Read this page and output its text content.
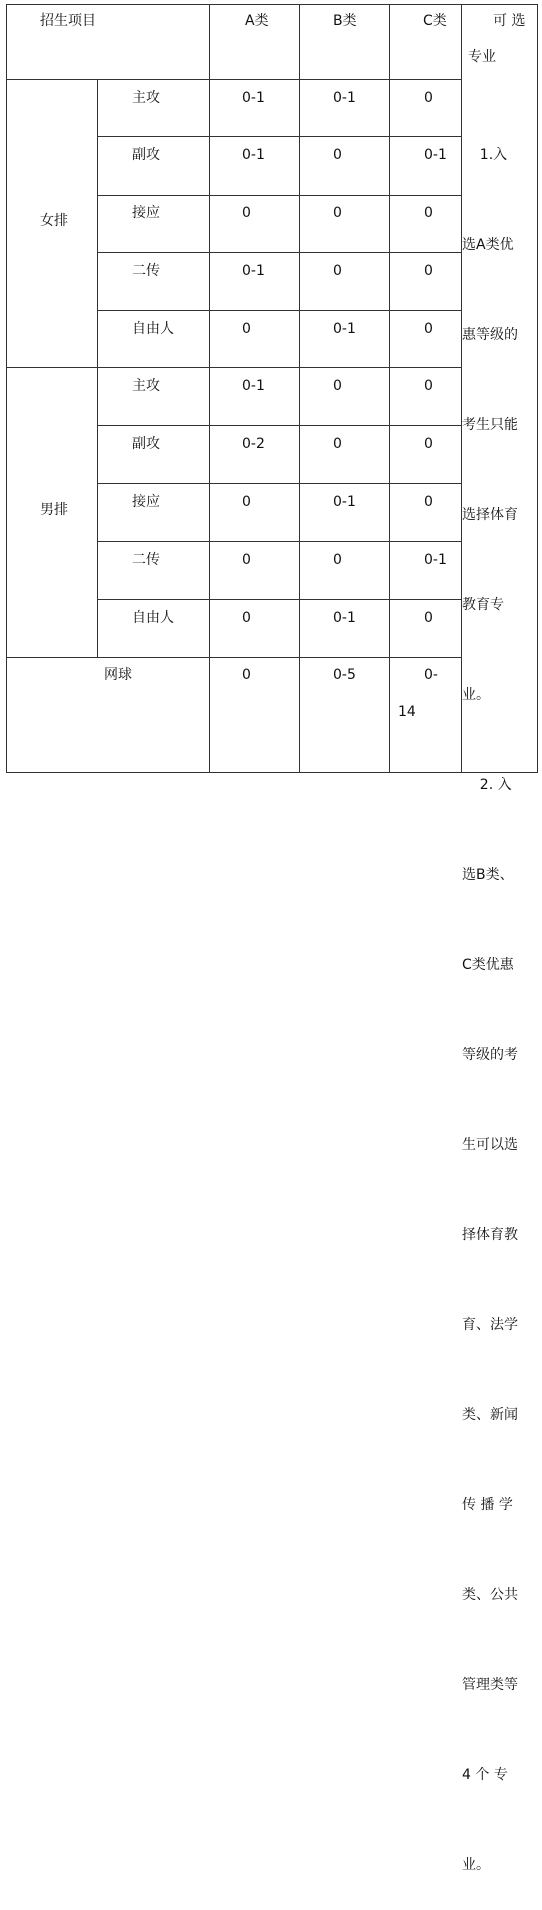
招生项目	A类	B类	C类	可 选
专业
女排
主攻	0-1	0-1	0
副攻	0-1	0	0-1
接应	0	0	0
二传	0-1	0	0
自由人	0	0-1	0
男排
主攻	0-1	0	0
副攻	0-2	0	0
接应	0	0-1	0
二传	0	0	0-1
自由人	0	0-1	0
网球	0	0-5	0-
14

1.入

选A类优

惠等级的

考生只能

选择体育

教育专

业。

2. 入

选B类、

C类优惠

等级的考

生可以选

择体育教

育、法学

类、新闻

传 播 学

类、公共

管理类等

4 个 专

业。
